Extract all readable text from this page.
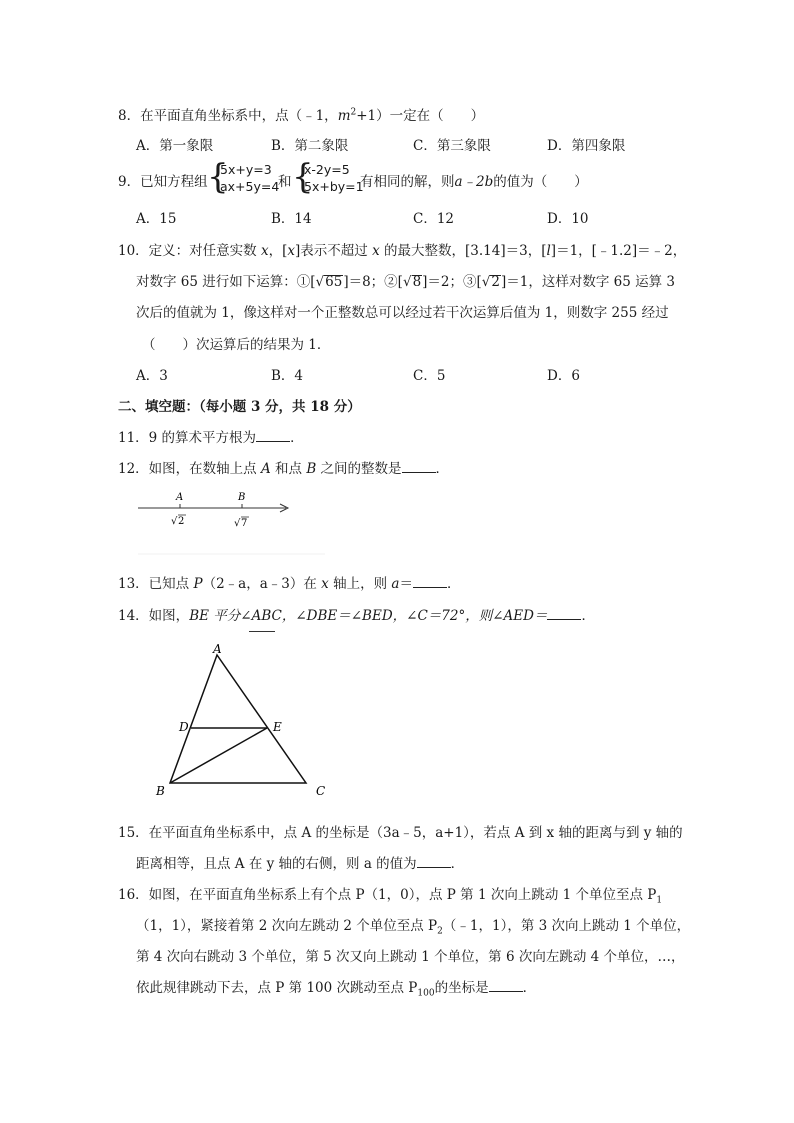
8．在平面直角坐标系中，点（﹣1，$m^2+1$）一定在（　　）
A．第一象限	B．第二象限	C．第三象限	D．第四象限
9．已知方程组 {
5x+y=3
ax+5y=4
和 {
x-2y=5
5x+by=1
有相同的解，则a﹣2b的值为（　　）
A．15	B．14	C．12	D．10
10．定义：对任意实数 x，[x]表示不超过 x 的最大整数，[3.14]＝3，[l]＝1，[﹣1.2]＝﹣2，
对数字 65 进行如下运算：①[√65]＝8；②[√8]＝2；③[√2]＝1，这样对数字 65 运算 3
次后的值就为 1，像这样对一个正整数总可以经过若干次运算后值为 1，则数字 255 经过
（　　）次运算后的结果为 1．
A．3	B．4	C．5	D．6
二、填空题：（每小题 3 分，共 18 分）
11．9 的算术平方根为	．
12．如图，在数轴上点 A 和点 B 之间的整数是	．
A	B
√ 2	√ 7
13．已知点 P（2﹣a，a﹣3）在 x 轴上，则 a＝	．
14．如图，BE 平分∠ABC，∠DBE＝∠BED，∠C＝72°，则∠AED＝	．
A
D	E
B	C
15．在平面直角坐标系中，点 A 的坐标是（3a﹣5，a+1），若点 A 到 x 轴的距离与到 y 轴的
距离相等，且点 A 在 y 轴的右侧，则 a 的值为	．
16．如图，在平面直角坐标系上有个点 P（1，0），点 P 第 1 次向上跳动 1 个单位至点 $P_1$
（1，1），紧接着第 2 次向左跳动 2 个单位至点 $P_2(﹣1$，1），第 3 次向上跳动 1 个单位，
第 4 次向右跳动 3 个单位，第 5 次又向上跳动 1 个单位，第 6 次向左跳动 4 个单位，…，
依此规律跳动下去，点 P 第 100 次跳动至点 $P_{100}$的坐标是	．
